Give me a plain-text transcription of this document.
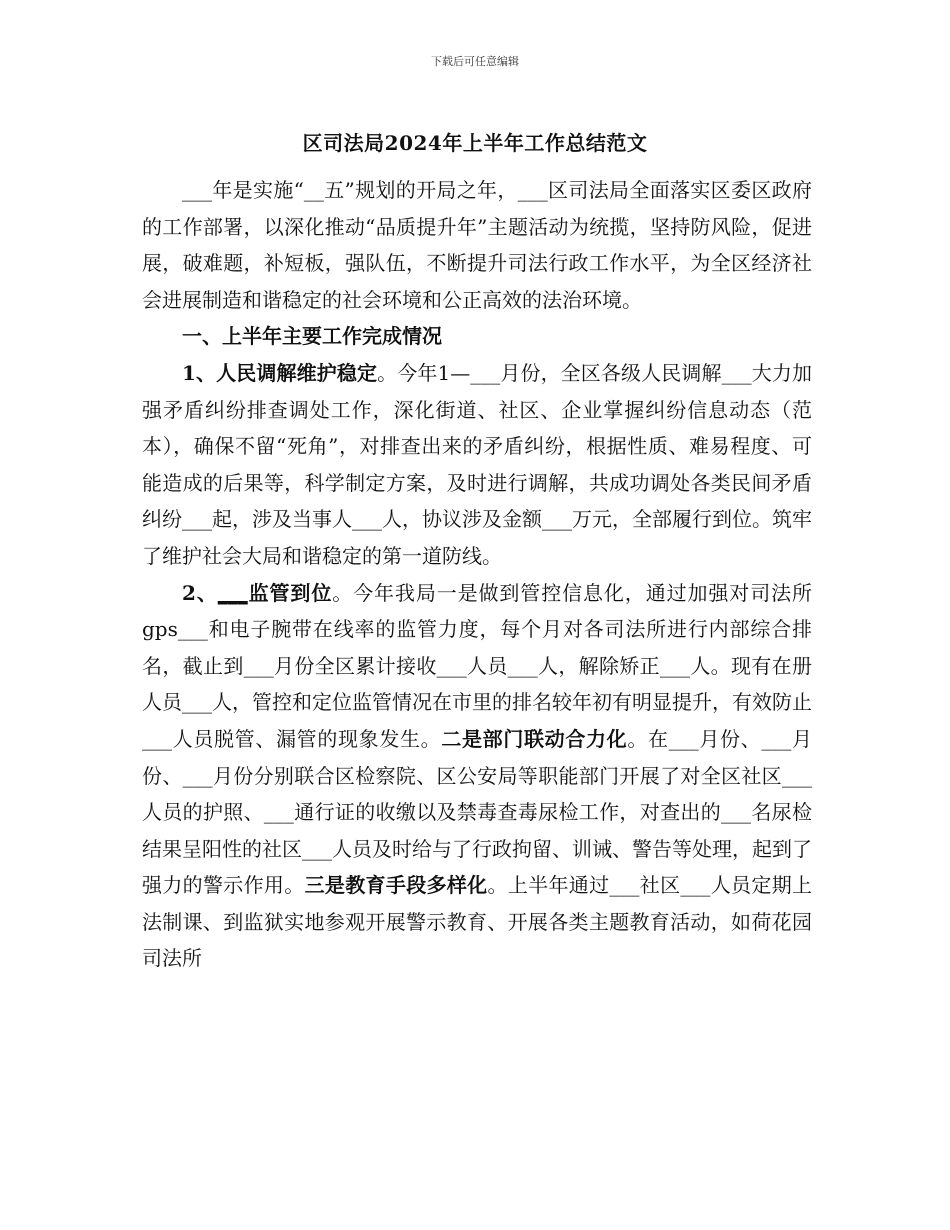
下载后可任意编辑
区司法局2024年上半年工作总结范文

___年是实施“__五”规划的开局之年，___区司法局全面落实区委区政府的工作部署，以深化推动“品质提升年”主题活动为统揽，坚持防风险，促进展，破难题，补短板，强队伍，不断提升司法行政工作水平，为全区经济社会进展制造和谐稳定的社会环境和公正高效的法治环境。

一、上半年主要工作完成情况

1、人民调解维护稳定。今年1—___月份，全区各级人民调解___大力加强矛盾纠纷排查调处工作，深化街道、社区、企业掌握纠纷信息动态（范本），确保不留“死角”，对排查出来的矛盾纠纷，根据性质、难易程度、可能造成的后果等，科学制定方案，及时进行调解，共成功调处各类民间矛盾纠纷___起，涉及当事人___人，协议涉及金额___万元，全部履行到位。筑牢了维护社会大局和谐稳定的第一道防线。

2、___监管到位。今年我局一是做到管控信息化，通过加强对司法所gps___和电子腕带在线率的监管力度，每个月对各司法所进行内部综合排名，截止到___月份全区累计接收___人员___人，解除矫正___人。现有在册人员___人，管控和定位监管情况在市里的排名较年初有明显提升，有效防止___人员脱管、漏管的现象发生。二是部门联动合力化。在___月份、___月份、___月份分别联合区检察院、区公安局等职能部门开展了对全区社区___人员的护照、___通行证的收缴以及禁毒查毒尿检工作，对查出的___名尿检结果呈阳性的社区___人员及时给与了行政拘留、训诫、警告等处理，起到了强力的警示作用。三是教育手段多样化。上半年通过___社区___人员定期上法制课、到监狱实地参观开展警示教育、开展各类主题教育活动，如荷花园司法所
